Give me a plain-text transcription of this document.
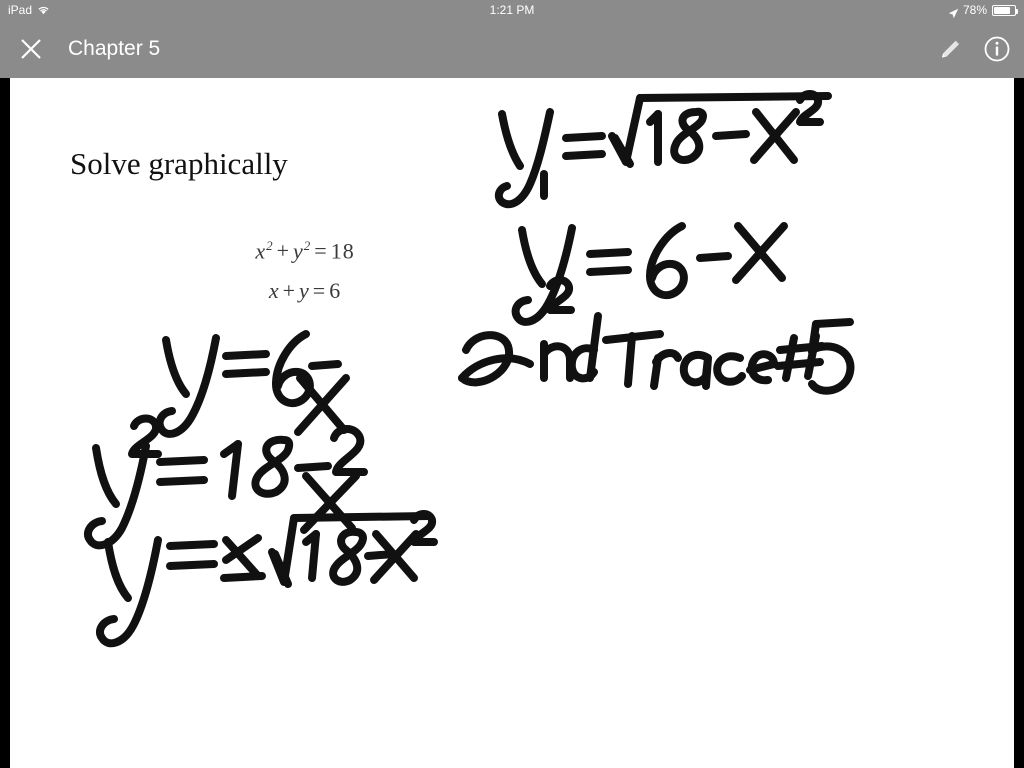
iPad	1:21 PM	78%
Chapter 5
Solve graphically
$x^2 + y^2 = 18$
x + y = 6
